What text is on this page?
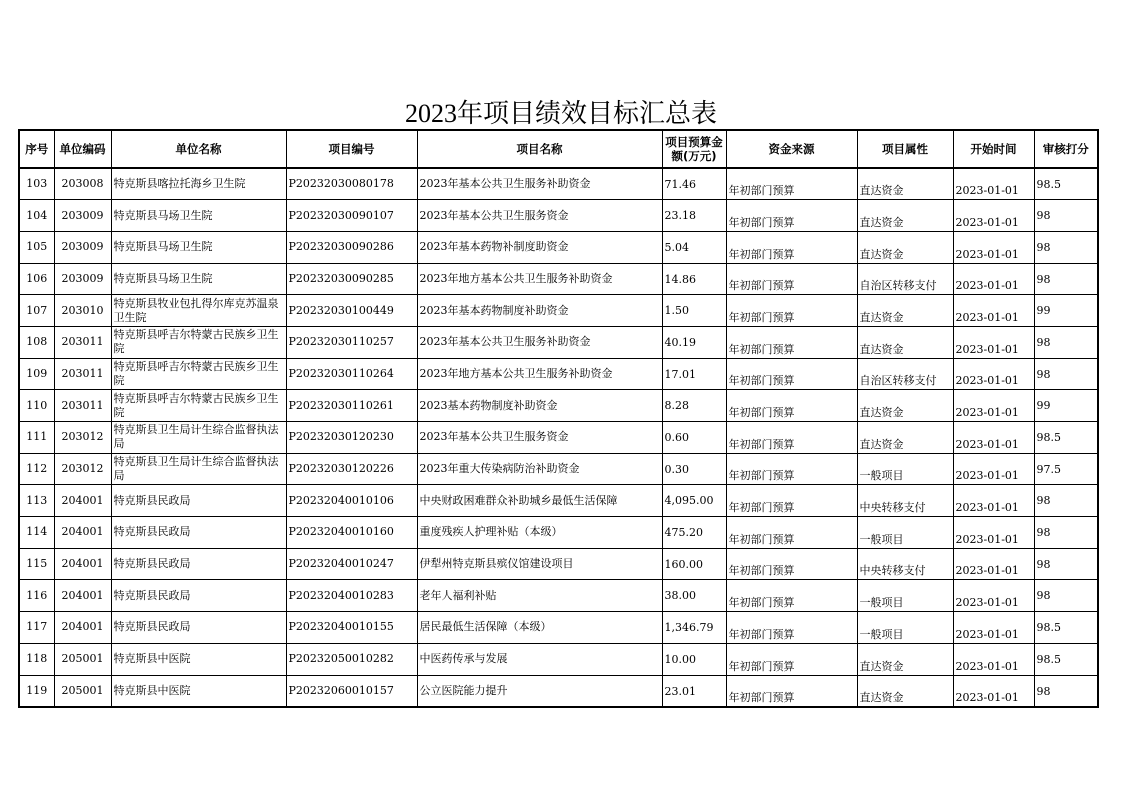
2023年项目绩效目标汇总表
序号	单位编码	单位名称	项目编号	项目名称	项目预算金额(万元)	资金来源	项目属性	开始时间	审核打分
103	203008	特克斯县喀拉托海乡卫生院	P20232030080178	2023年基本公共卫生服务补助资金	71.46	年初部门预算	直达资金	2023-01-01	98.5
104	203009	特克斯县马场卫生院	P20232030090107	2023年基本公共卫生服务资金	23.18	年初部门预算	直达资金	2023-01-01	98
105	203009	特克斯县马场卫生院	P20232030090286	2023年基本药物补制度助资金	5.04	年初部门预算	直达资金	2023-01-01	98
106	203009	特克斯县马场卫生院	P20232030090285	2023年地方基本公共卫生服务补助资金	14.86	年初部门预算	自治区转移支付	2023-01-01	98
107	203010	特克斯县牧业包扎得尔库克苏温泉卫生院	P20232030100449	2023年基本药物制度补助资金	1.50	年初部门预算	直达资金	2023-01-01	99
108	203011	特克斯县呼吉尔特蒙古民族乡卫生院	P20232030110257	2023年基本公共卫生服务补助资金	40.19	年初部门预算	直达资金	2023-01-01	98
109	203011	特克斯县呼吉尔特蒙古民族乡卫生院	P20232030110264	2023年地方基本公共卫生服务补助资金	17.01	年初部门预算	自治区转移支付	2023-01-01	98
110	203011	特克斯县呼吉尔特蒙古民族乡卫生院	P20232030110261	2023基本药物制度补助资金	8.28	年初部门预算	直达资金	2023-01-01	99
111	203012	特克斯县卫生局计生综合监督执法局	P20232030120230	2023年基本公共卫生服务资金	0.60	年初部门预算	直达资金	2023-01-01	98.5
112	203012	特克斯县卫生局计生综合监督执法局	P20232030120226	2023年重大传染病防治补助资金	0.30	年初部门预算	一般项目	2023-01-01	97.5
113	204001	特克斯县民政局	P20232040010106	中央财政困难群众补助城乡最低生活保障	4,095.00	年初部门预算	中央转移支付	2023-01-01	98
114	204001	特克斯县民政局	P20232040010160	重度残疾人护理补贴（本级）	475.20	年初部门预算	一般项目	2023-01-01	98
115	204001	特克斯县民政局	P20232040010247	伊犁州特克斯县殡仪馆建设项目	160.00	年初部门预算	中央转移支付	2023-01-01	98
116	204001	特克斯县民政局	P20232040010283	老年人福利补贴	38.00	年初部门预算	一般项目	2023-01-01	98
117	204001	特克斯县民政局	P20232040010155	居民最低生活保障（本级）	1,346.79	年初部门预算	一般项目	2023-01-01	98.5
118	205001	特克斯县中医院	P20232050010282	中医药传承与发展	10.00	年初部门预算	直达资金	2023-01-01	98.5
119	205001	特克斯县中医院	P20232060010157	公立医院能力提升	23.01	年初部门预算	直达资金	2023-01-01	98
